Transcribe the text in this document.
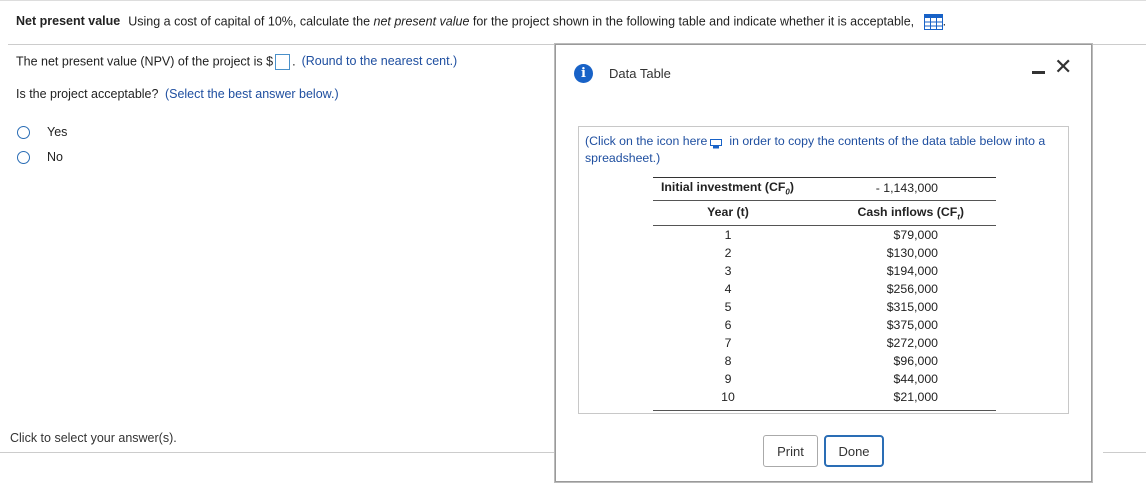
Net present value Using a cost of capital of 10%, calculate the net present value for the project shown in the following table and indicate whether it is acceptable, .
The net present value (NPV) of the project is $ . (Round to the nearest cent.)
Is the project acceptable? (Select the best answer below.)
Yes
No
Click to select your answer(s).
i	Data Table	✕
(Click on the icon here in order to copy the contents of the data table below into a spreadsheet.)
Initial investment $(CF_0)$	- 1,143,000
Year (t)	Cash inflows $(CF_t)$
1	$79,000
2	$130,000
3	$194,000
4	$256,000
5	$315,000
6	$375,000
7	$272,000
8	$96,000
9	$44,000
10	$21,000
Print	Done
